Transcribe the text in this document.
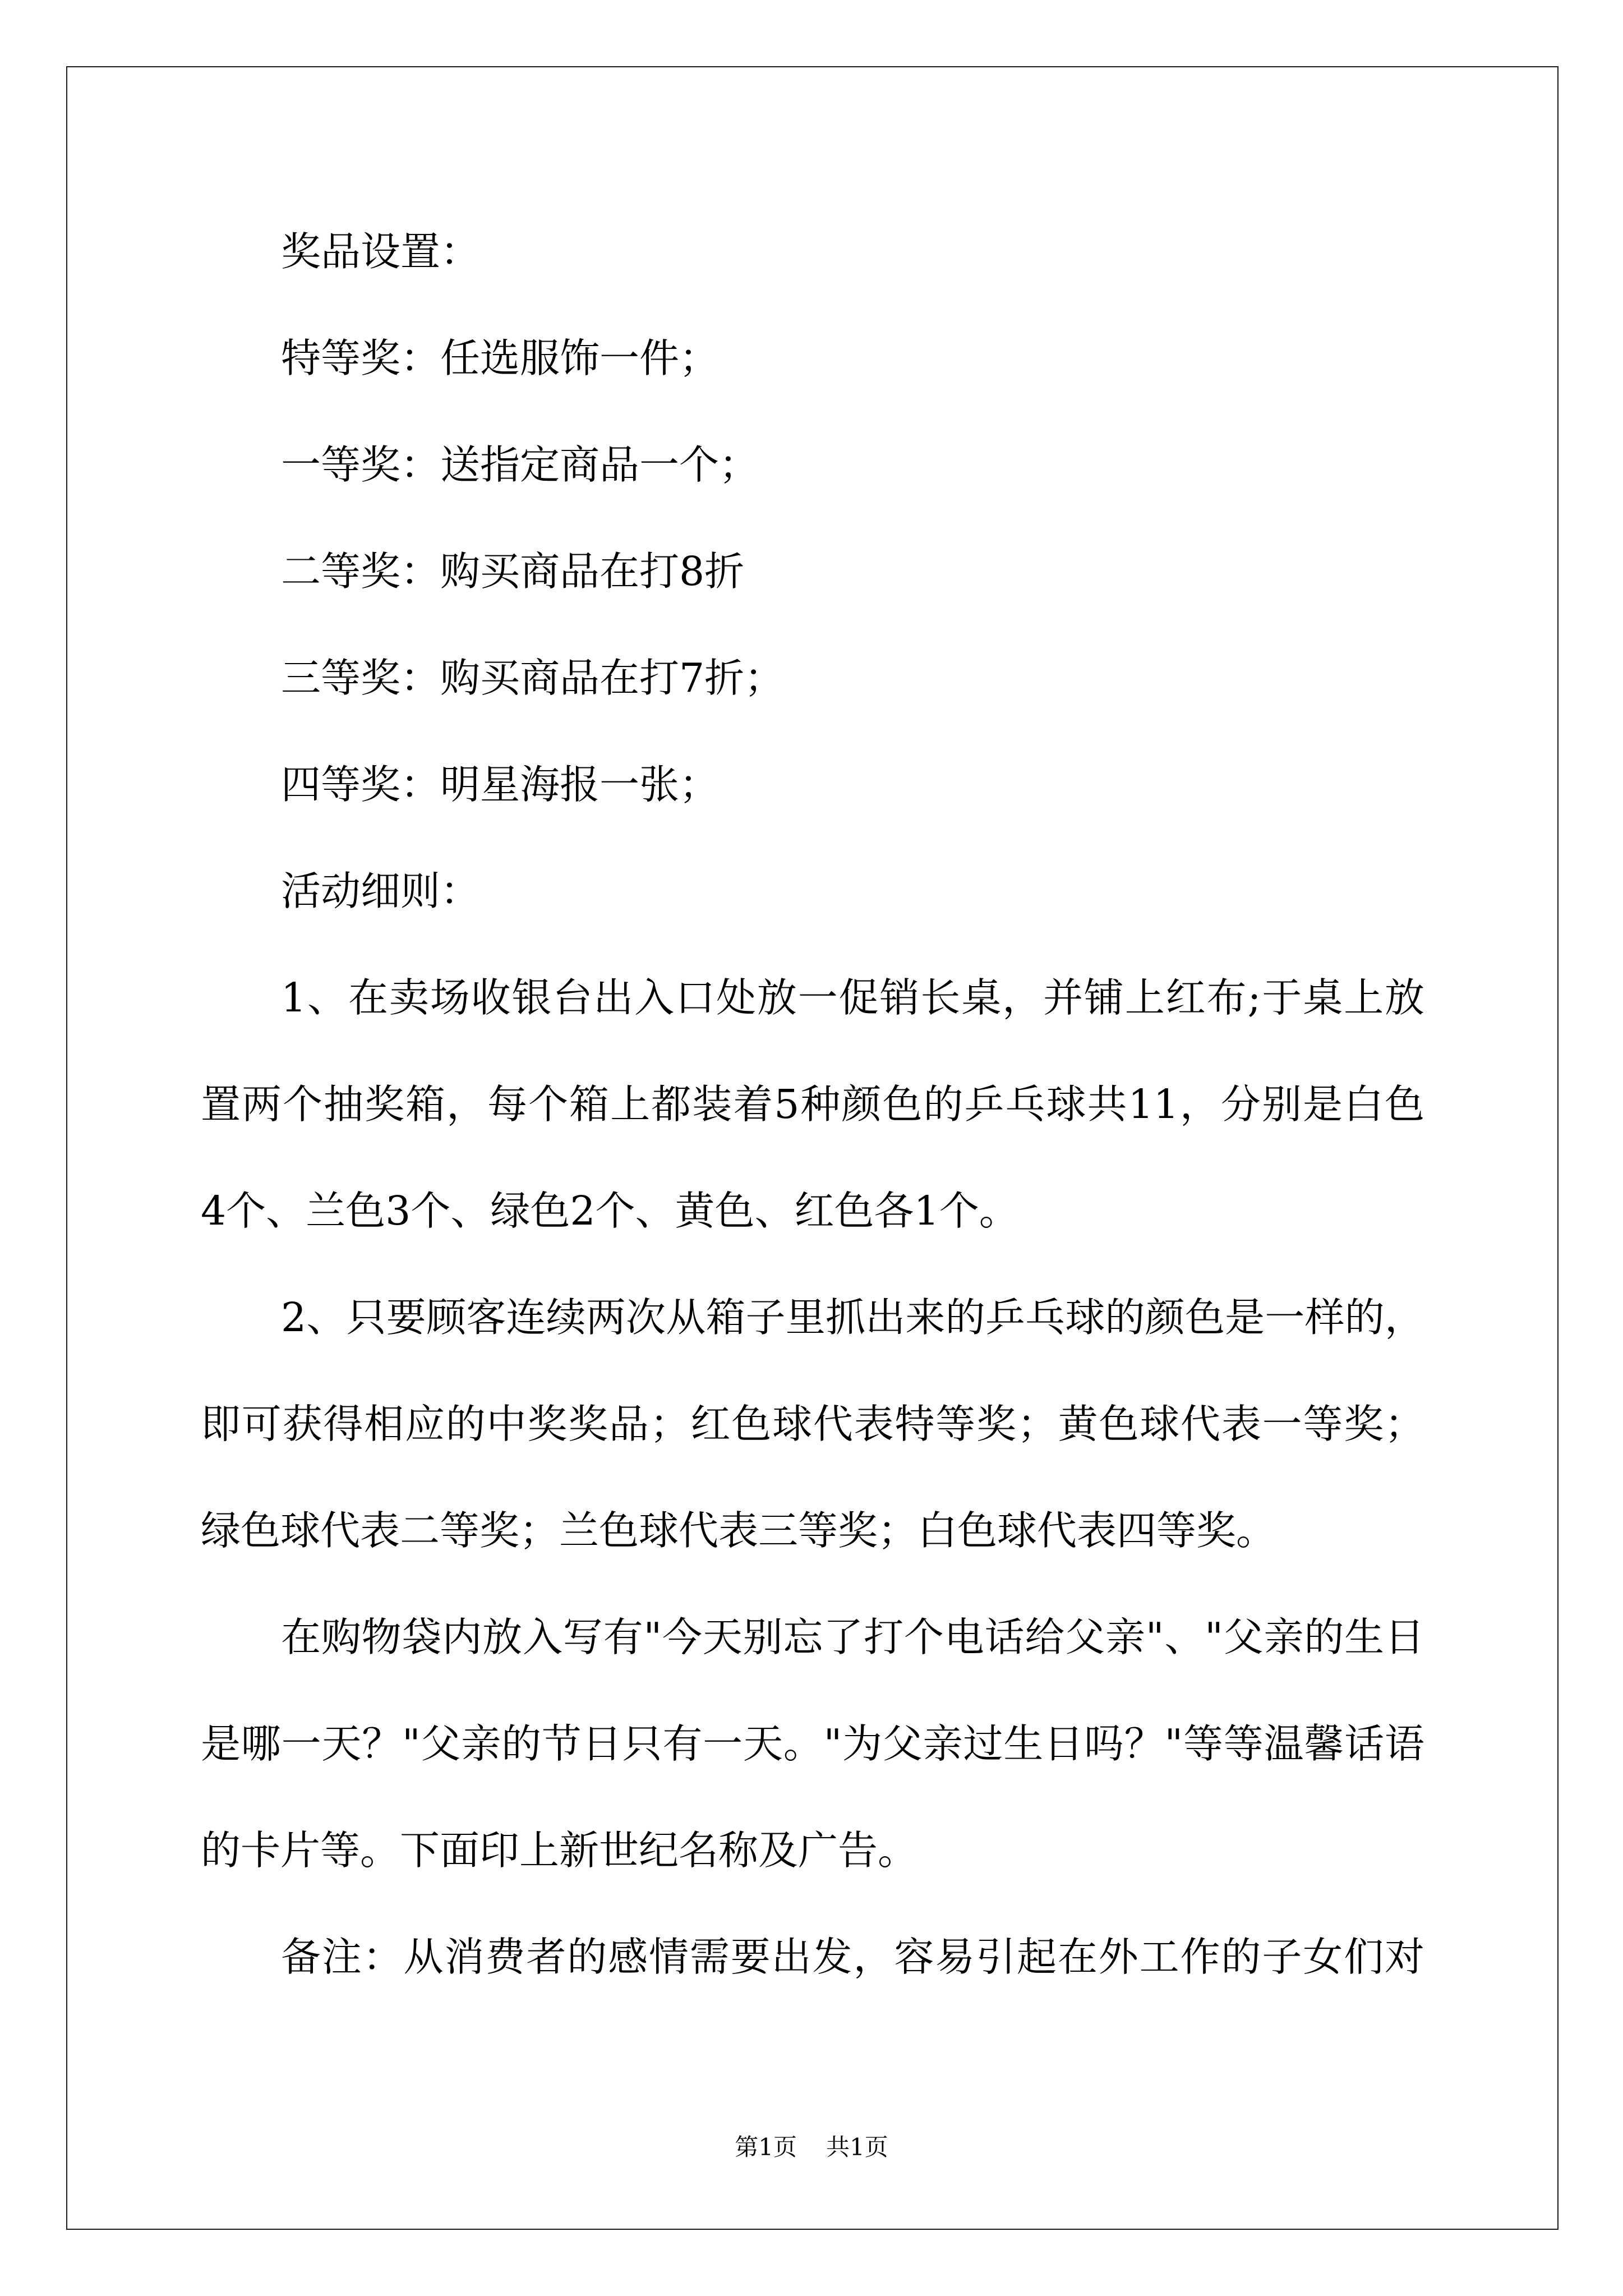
奖品设置：
特等奖：任选服饰一件；
一等奖：送指定商品一个；
二等奖：购买商品在打8折
三等奖：购买商品在打7折；
四等奖：明星海报一张；
活动细则：
1、在卖场收银台出入口处放一促销长桌，并铺上红布;于桌上放
置两个抽奖箱，每个箱上都装着5种颜色的乒乓球共11，分别是白色
4个、兰色3个、绿色2个、黄色、红色各1个。
2、只要顾客连续两次从箱子里抓出来的乒乓球的颜色是一样的，
即可获得相应的中奖奖品；红色球代表特等奖；黄色球代表一等奖；
绿色球代表二等奖；兰色球代表三等奖；白色球代表四等奖。
在购物袋内放入写有"今天别忘了打个电话给父亲"、"父亲的生日
是哪一天？"父亲的节日只有一天。"为父亲过生日吗？"等等温馨话语
的卡片等。下面印上新世纪名称及广告。
备注：从消费者的感情需要出发，容易引起在外工作的子女们对
第1页 共1页
